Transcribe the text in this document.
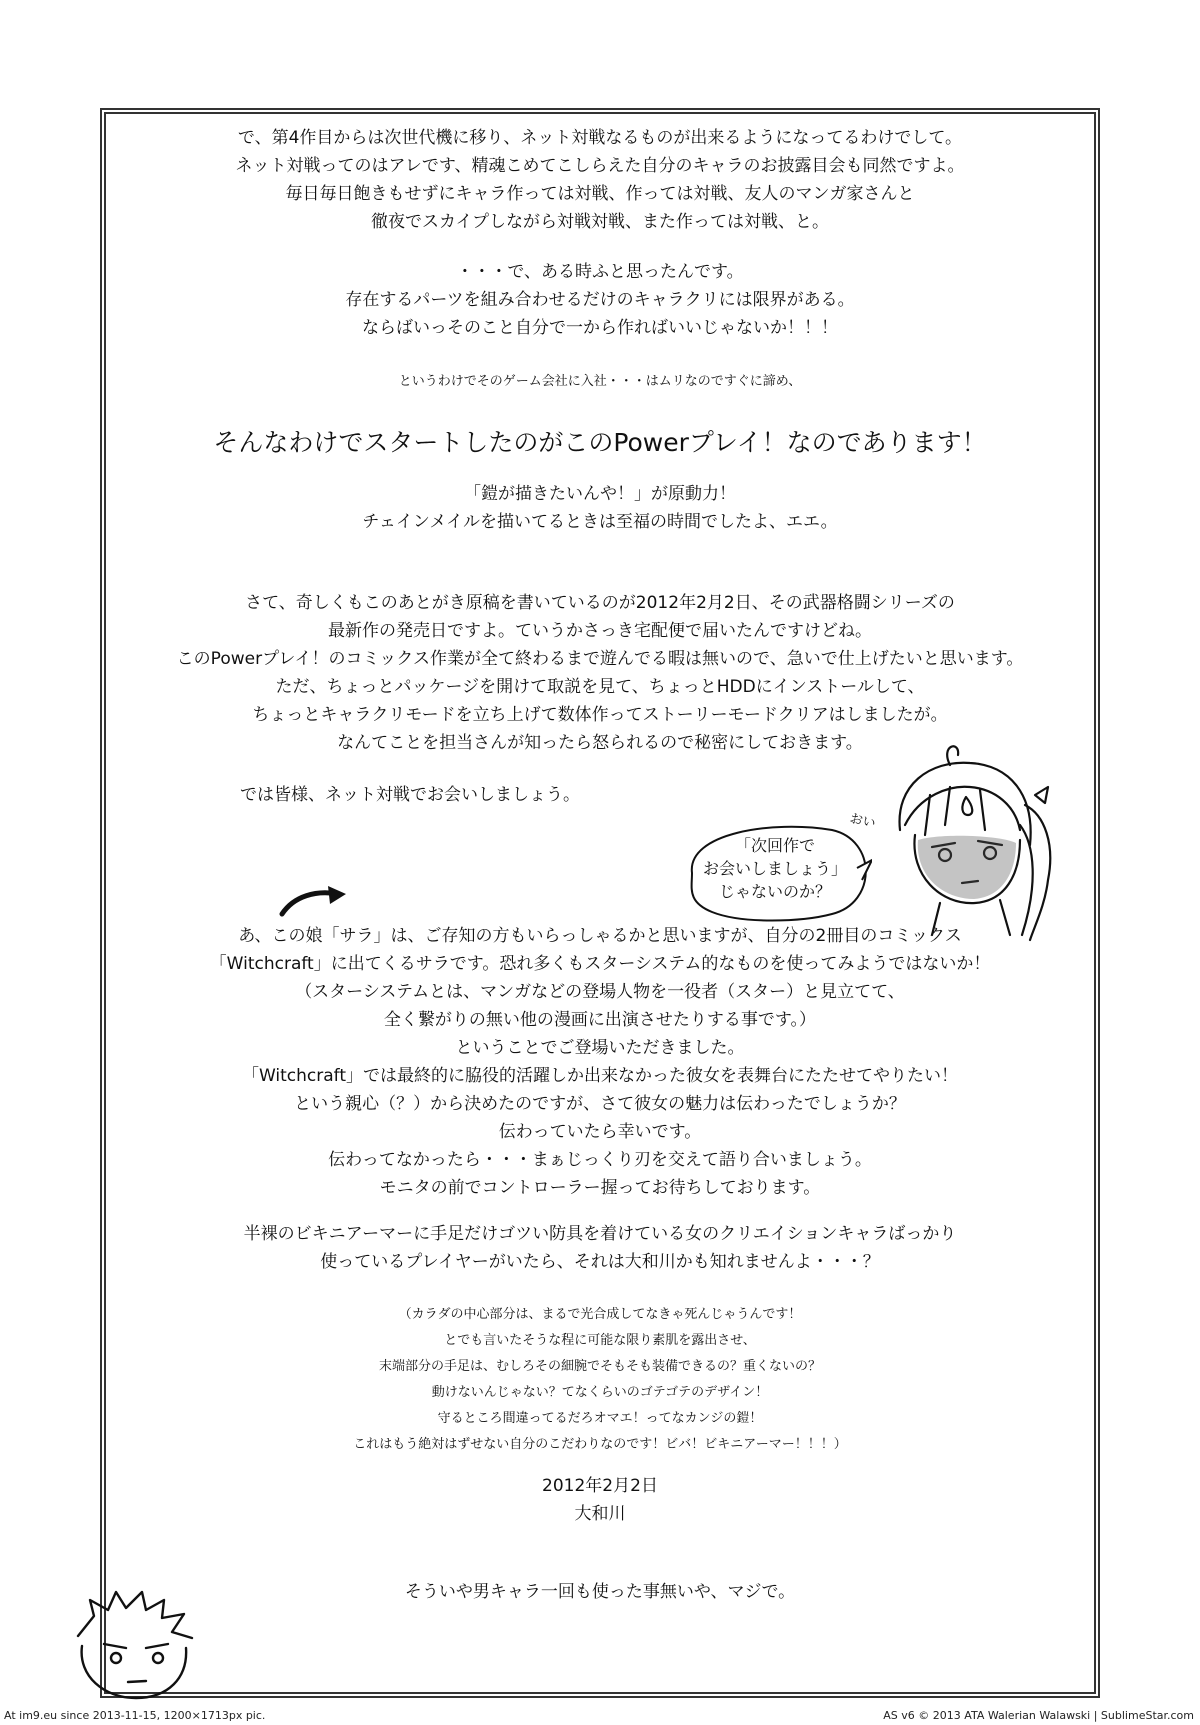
で、第4作目からは次世代機に移り、ネット対戦なるものが出来るようになってるわけでして。
ネット対戦ってのはアレです、精魂こめてこしらえた自分のキャラのお披露目会も同然ですよ。
毎日毎日飽きもせずにキャラ作っては対戦、作っては対戦、友人のマンガ家さんと
徹夜でスカイプしながら対戦対戦、また作っては対戦、と。
・・・で、ある時ふと思ったんです。
存在するパーツを組み合わせるだけのキャラクリには限界がある。
ならばいっそのこと自分で一から作ればいいじゃないか！！！
というわけでそのゲーム会社に入社・・・はムリなのですぐに諦め、
そんなわけでスタートしたのがこのPowerプレイ！なのであります！
「鎧が描きたいんや！」が原動力！
チェインメイルを描いてるときは至福の時間でしたよ、エエ。
さて、奇しくもこのあとがき原稿を書いているのが2012年2月2日、その武器格闘シリーズの
最新作の発売日ですよ。ていうかさっき宅配便で届いたんですけどね。
このPowerプレイ！のコミックス作業が全て終わるまで遊んでる暇は無いので、急いで仕上げたいと思います。
ただ、ちょっとパッケージを開けて取説を見て、ちょっとHDDにインストールして、
ちょっとキャラクリモードを立ち上げて数体作ってストーリーモードクリアはしましたが。
なんてことを担当さんが知ったら怒られるので秘密にしておきます。
では皆様、ネット対戦でお会いしましょう。
おい
「次回作で
お会いしましょう」
じゃないのか？
あ、この娘「サラ」は、ご存知の方もいらっしゃるかと思いますが、自分の2冊目のコミックス
「Witchcraft」に出てくるサラです。恐れ多くもスターシステム的なものを使ってみようではないか！
（スターシステムとは、マンガなどの登場人物を一役者（スター）と見立てて、
全く繋がりの無い他の漫画に出演させたりする事です。）
ということでご登場いただきました。
「Witchcraft」では最終的に脇役的活躍しか出来なかった彼女を表舞台にたたせてやりたい！
という親心（？）から決めたのですが、さて彼女の魅力は伝わったでしょうか？
伝わっていたら幸いです。
伝わってなかったら・・・まぁじっくり刃を交えて語り合いましょう。
モニタの前でコントローラー握ってお待ちしております。
半裸のビキニアーマーに手足だけゴツい防具を着けている女のクリエイションキャラばっかり
使っているプレイヤーがいたら、それは大和川かも知れませんよ・・・？
（カラダの中心部分は、まるで光合成してなきゃ死んじゃうんです！
とでも言いたそうな程に可能な限り素肌を露出させ、
末端部分の手足は、むしろその細腕でそもそも装備できるの？重くないの？
動けないんじゃない？てなくらいのゴテゴテのデザイン！
守るところ間違ってるだろオマエ！ってなカンジの鎧！
これはもう絶対はずせない自分のこだわりなのです！ビバ！ビキニアーマー！！！）
2012年2月2日
大和川
そういや男キャラ一回も使った事無いや、マジで。
At im9.eu since 2013-11-15, 1200×1713px pic.	AS v6 © 2013 ATA Walerian Walawski | SublimeStar.com
